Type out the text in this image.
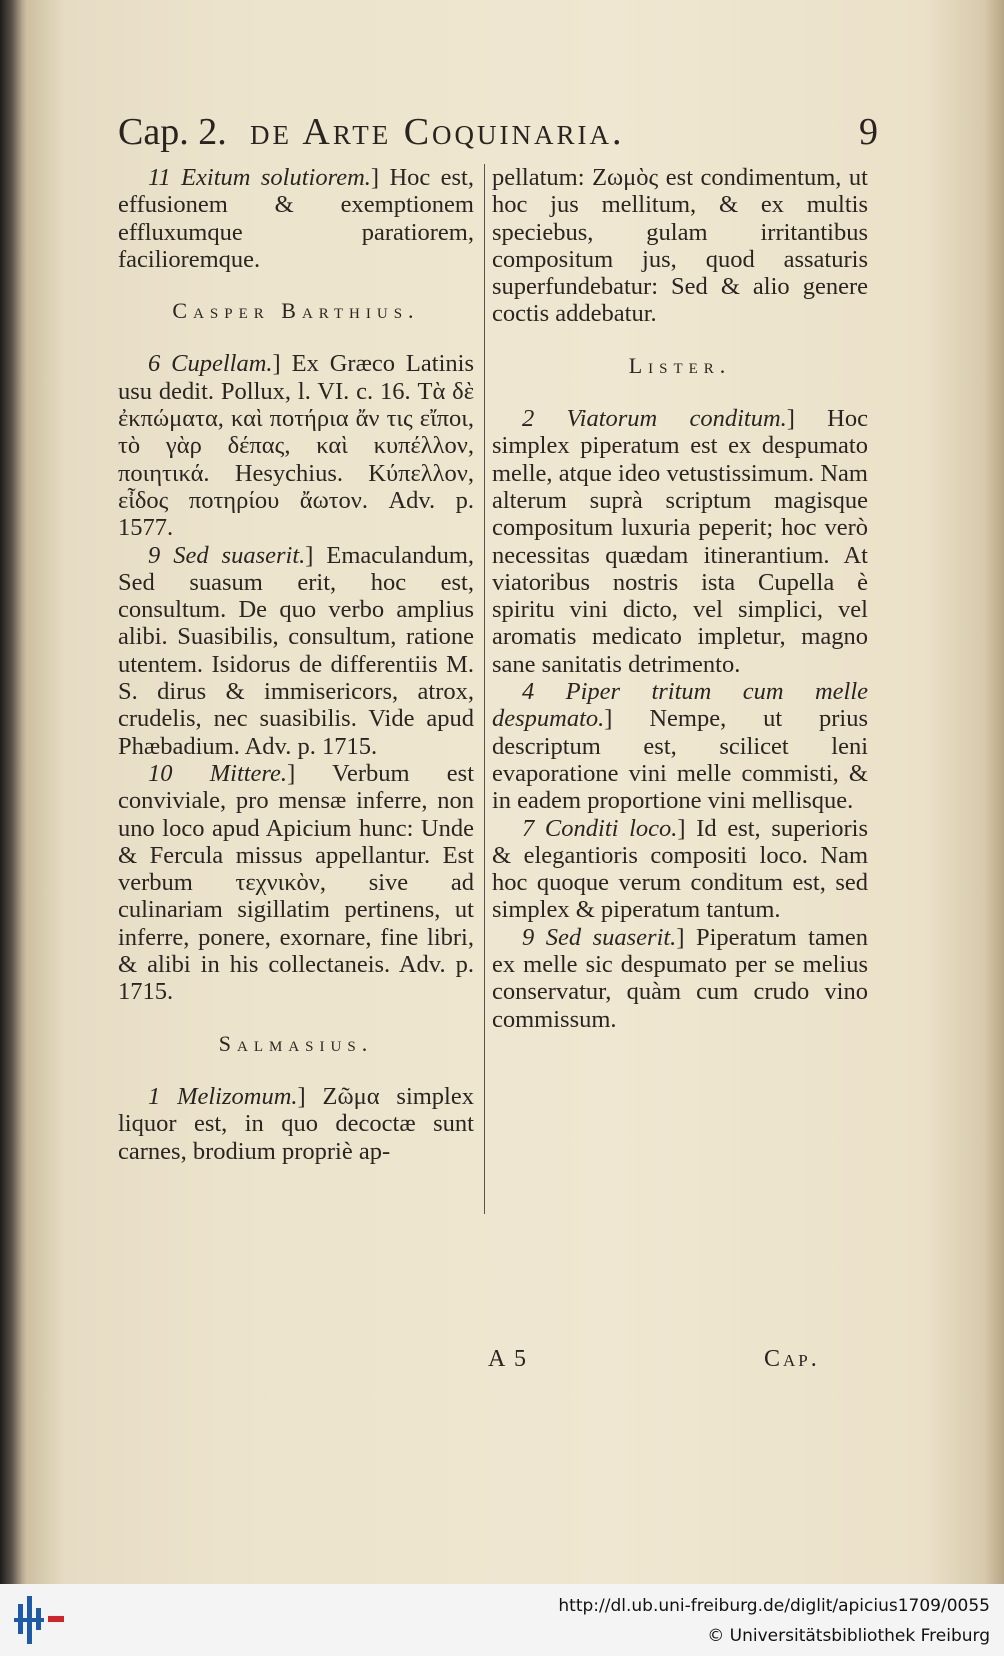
Cap. 2. de Arte Coquinaria.	9

11 Exitum solutiorem.] Hoc est, effusionem & exemptionem effluxumque paratiorem, facilioremque.

Casper Barthius.

6 Cupellam.] Ex Græco Latinis usu dedit. Pollux, l. VI. c. 16. Τὰ δὲ ἐκπώματα, καὶ ποτήρια ἄν τις εἴποι, τὸ γὰρ δέπας, καὶ κυπέλλον, ποιητικά. Hesychius. Κύπελλον, εἶδος ποτηρίου ἄωτον. Adv. p. 1577.

9 Sed suaserit.] Emaculandum, Sed suasum erit, hoc est, consultum. De quo verbo amplius alibi. Suasibilis, consultum, ratione utentem. Isidorus de differentiis M. S. dirus & immisericors, atrox, crudelis, nec suasibilis. Vide apud Phæbadium. Adv. p. 1715.

10 Mittere.] Verbum est conviviale, pro mensæ inferre, non uno loco apud Apicium hunc: Unde & Fercula missus appellantur. Est verbum τεχνικὸν, sive ad culinariam sigillatim pertinens, ut inferre, ponere, exornare, fine libri, & alibi in his collectaneis. Adv. p. 1715.

Salmasius.

1 Melizomum.] Ζῶμα simplex liquor est, in quo decoctæ sunt carnes, brodium propriè ap-

pellatum: Ζωμὸς est condimentum, ut hoc jus mellitum, & ex multis speciebus, gulam irritantibus compositum jus, quod assaturis superfundebatur: Sed & alio genere coctis addebatur.

Lister.

2 Viatorum conditum.] Hoc simplex piperatum est ex despumato melle, atque ideo vetustissimum. Nam alterum suprà scriptum magisque compositum luxuria peperit; hoc verò necessitas quædam itinerantium. At viatoribus nostris ista Cupella è spiritu vini dicto, vel simplici, vel aromatis medicato impletur, magno sane sanitatis detrimento.

4 Piper tritum cum melle despumato.] Nempe, ut prius descriptum est, scilicet leni evaporatione vini melle commisti, & in eadem proportione vini mellisque.

7 Conditi loco.] Id est, superioris & elegantioris compositi loco. Nam hoc quoque verum conditum est, sed simplex & piperatum tantum.

9 Sed suaserit.] Piperatum tamen ex melle sic despumato per se melius conservatur, quàm cum crudo vino commissum.

A 5	Cap.
http://dl.ub.uni-freiburg.de/diglit/apicius1709/0055
© Universitätsbibliothek Freiburg
